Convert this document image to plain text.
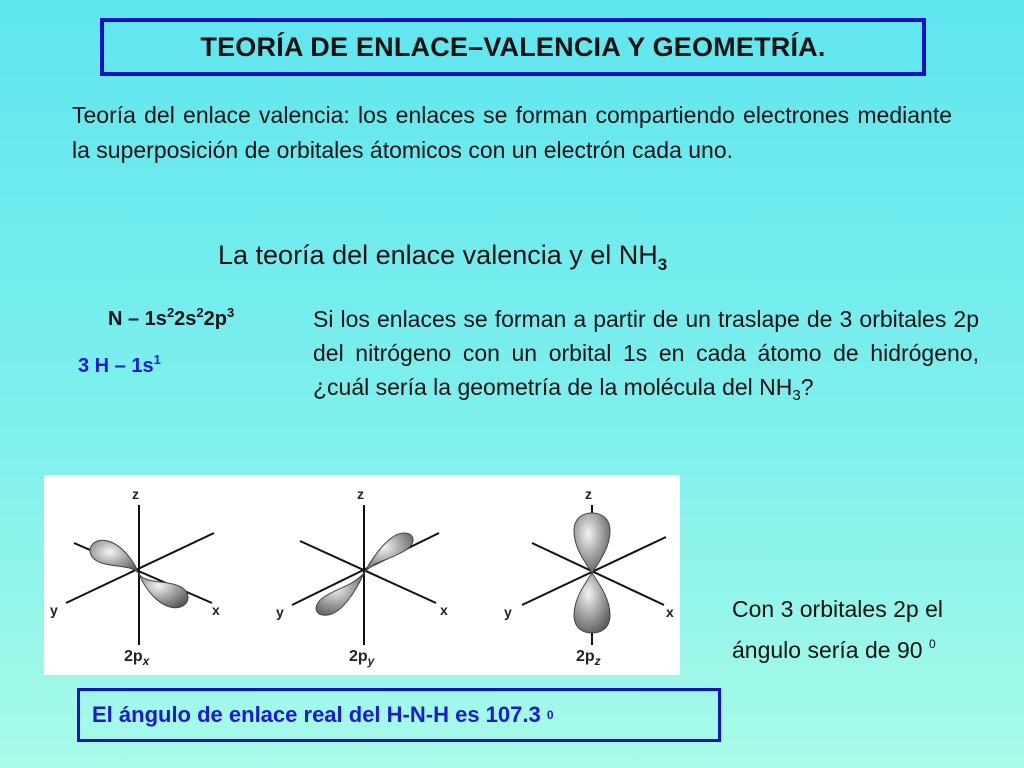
TEORÍA DE ENLACE–VALENCIA Y GEOMETRÍA.
Teoría del enlace valencia: los enlaces se forman compartiendo electrones mediante la superposición de orbitales átomicos con un electrón cada uno.
La teoría del enlace valencia y el $NH_3$
N – $1s^22s^22p^3$
3 H – $1s^1$
Si los enlaces se forman a partir de un traslape de 3 orbitales 2p del nitrógeno con un orbital 1s en cada átomo de hidrógeno, ¿cuál sería la geometría de la molécula del $NH_3$?
z
y	x
$2p_x$
z
y	x
$2p_y$
z
y	x
$2p_z$
Con 3 orbitales 2p el
ángulo sería de 90 $^0$
El ángulo de enlace real del H-N-H es 107.3
0
